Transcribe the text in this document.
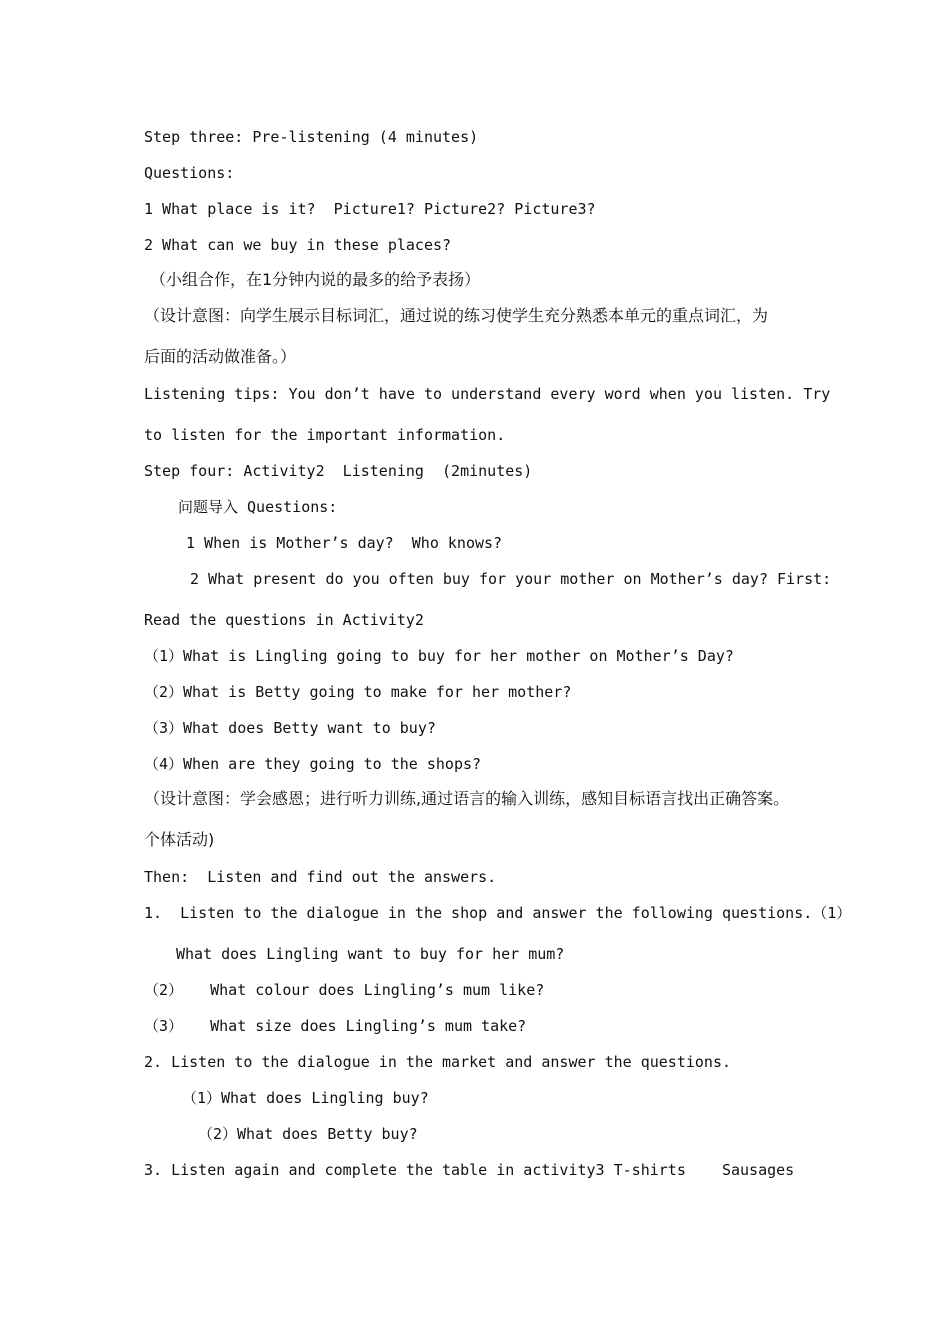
Step three: Pre-listening (4 minutes)
Questions:
1 What place is it?  Picture1? Picture2? Picture3?
2 What can we buy in these places?
（小组合作，在1分钟内说的最多的给予表扬）
（设计意图：向学生展示目标词汇，通过说的练习使学生充分熟悉本单元的重点词汇，为
后面的活动做准备。）
Listening tips: You don’t have to understand every word when you listen. Try
to listen for the important information.
Step four: Activity2  Listening  (2minutes)
问题导入 Questions:
1 When is Mother’s day?  Who knows?
2 What present do you often buy for your mother on Mother’s day? First:
Read the questions in Activity2
（1）What is Lingling going to buy for her mother on Mother’s Day?
（2）What is Betty going to make for her mother?
（3）What does Betty want to buy?
（4）When are they going to the shops?
（设计意图：学会感恩；进行听力训练,通过语言的输入训练，感知目标语言找出正确答案。
个体活动)
Then:  Listen and find out the answers.
1.  Listen to the dialogue in the shop and answer the following questions.（1）
What does Lingling want to buy for her mum?
（2）   What colour does Lingling’s mum like?
（3）   What size does Lingling’s mum take?
2. Listen to the dialogue in the market and answer the questions.
（1）What does Lingling buy?
（2）What does Betty buy?
3. Listen again and complete the table in activity3 T-shirts    Sausages
